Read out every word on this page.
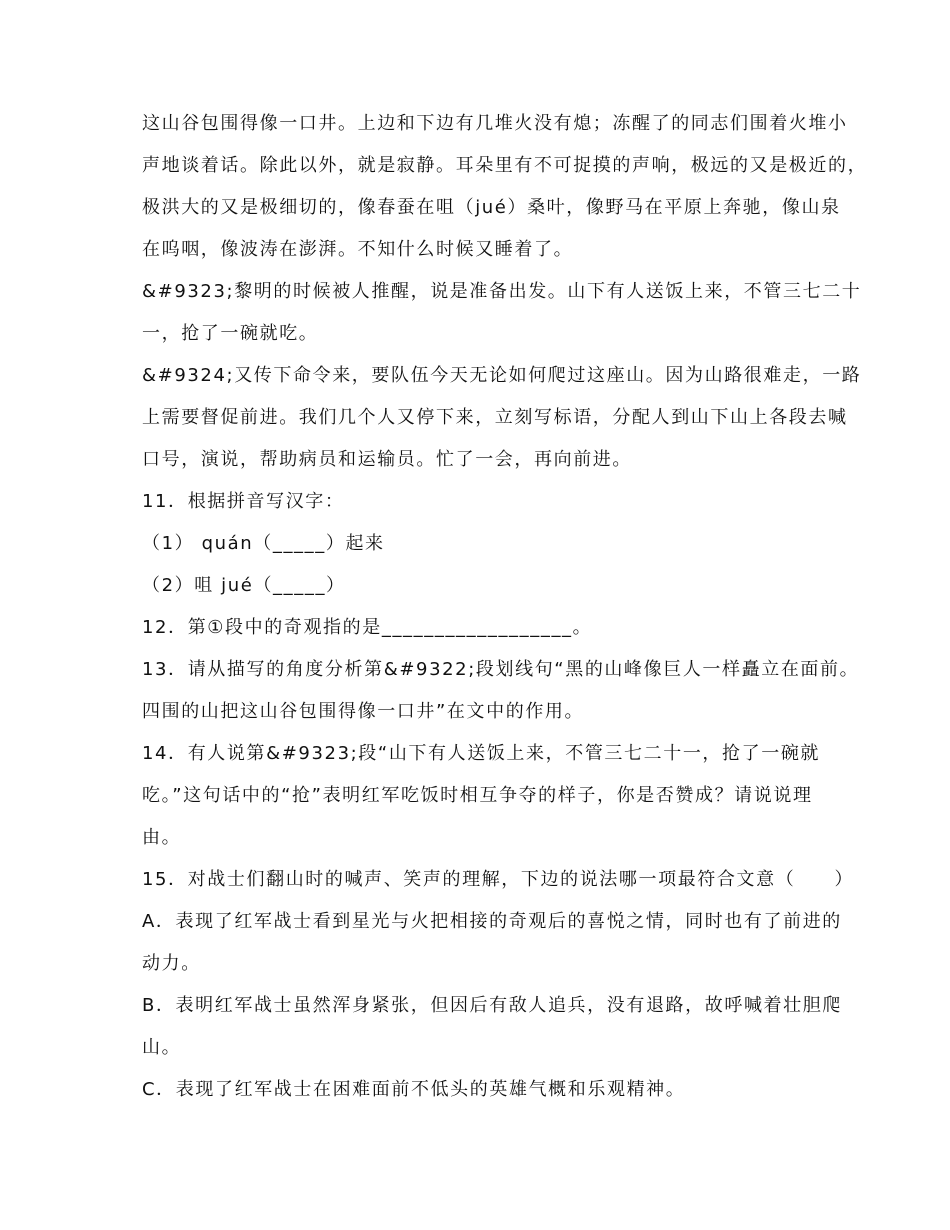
这山谷包围得像一口井。上边和下边有几堆火没有熄；冻醒了的同志们围着火堆小
声地谈着话。除此以外，就是寂静。耳朵里有不可捉摸的声响，极远的又是极近的，
极洪大的又是极细切的，像春蚕在咀（jué）桑叶，像野马在平原上奔驰，像山泉
在呜咽，像波涛在澎湃。不知什么时候又睡着了。
&#9323;黎明的时候被人推醒，说是准备出发。山下有人送饭上来，不管三七二十
一，抢了一碗就吃。
&#9324;又传下命令来，要队伍今天无论如何爬过这座山。因为山路很难走，一路
上需要督促前进。我们几个人又停下来，立刻写标语，分配人到山下山上各段去喊
口号，演说，帮助病员和运输员。忙了一会，再向前进。
11．根据拼音写汉字：
（1） quán（_____）起来
（2）咀 jué（_____）
12．第①段中的奇观指的是__________________。
13．请从描写的角度分析第&#9322;段划线句“黑的山峰像巨人一样矗立在面前。
四围的山把这山谷包围得像一口井”在文中的作用。
14．有人说第&#9323;段“山下有人送饭上来，不管三七二十一，抢了一碗就
吃。”这句话中的“抢”表明红军吃饭时相互争夺的样子，你是否赞成？请说说理
由。
15．对战士们翻山时的喊声、笑声的理解，下边的说法哪一项最符合文意（　　）
A．表现了红军战士看到星光与火把相接的奇观后的喜悦之情，同时也有了前进的
动力。
B．表明红军战士虽然浑身紧张，但因后有敌人追兵，没有退路，故呼喊着壮胆爬
山。
C．表现了红军战士在困难面前不低头的英雄气概和乐观精神。
